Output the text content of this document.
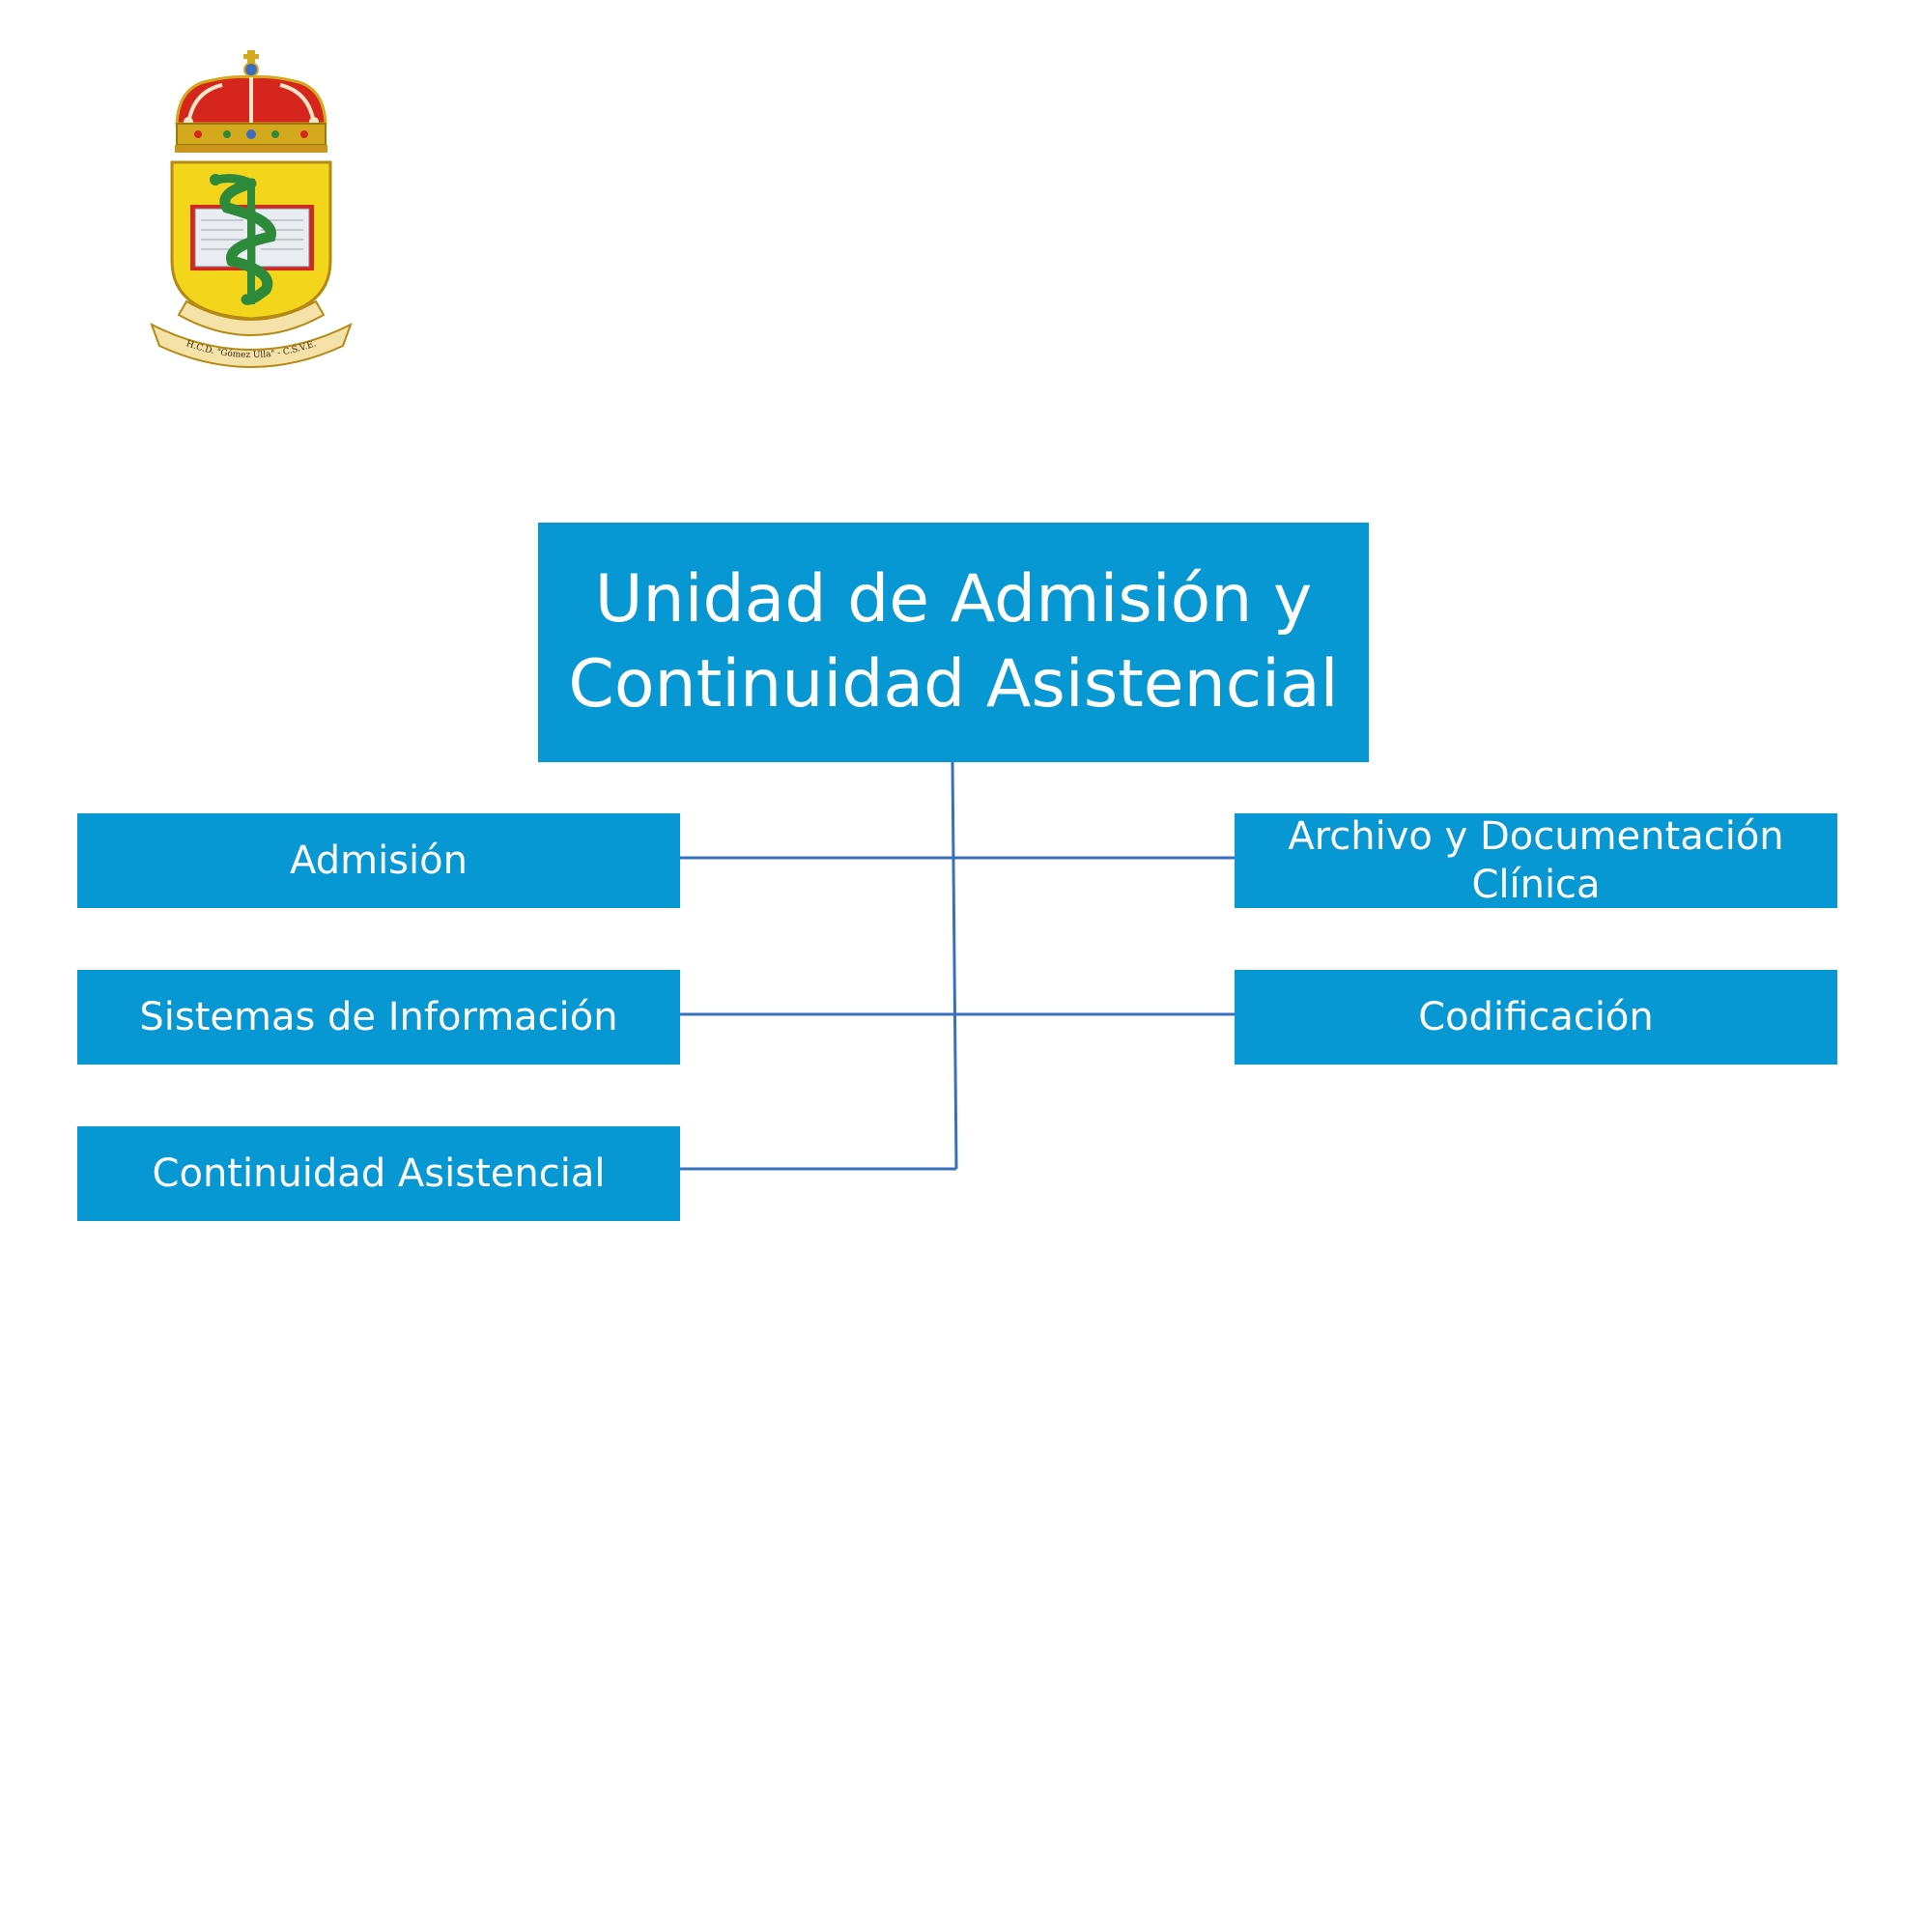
H.C.D. "Gómez Ulla" - C.S.V.E.
Unidad de Admisión y
Continuidad Asistencial
Admisión
Sistemas de Información
Continuidad Asistencial
Archivo y Documentación
Clínica
Codificación
